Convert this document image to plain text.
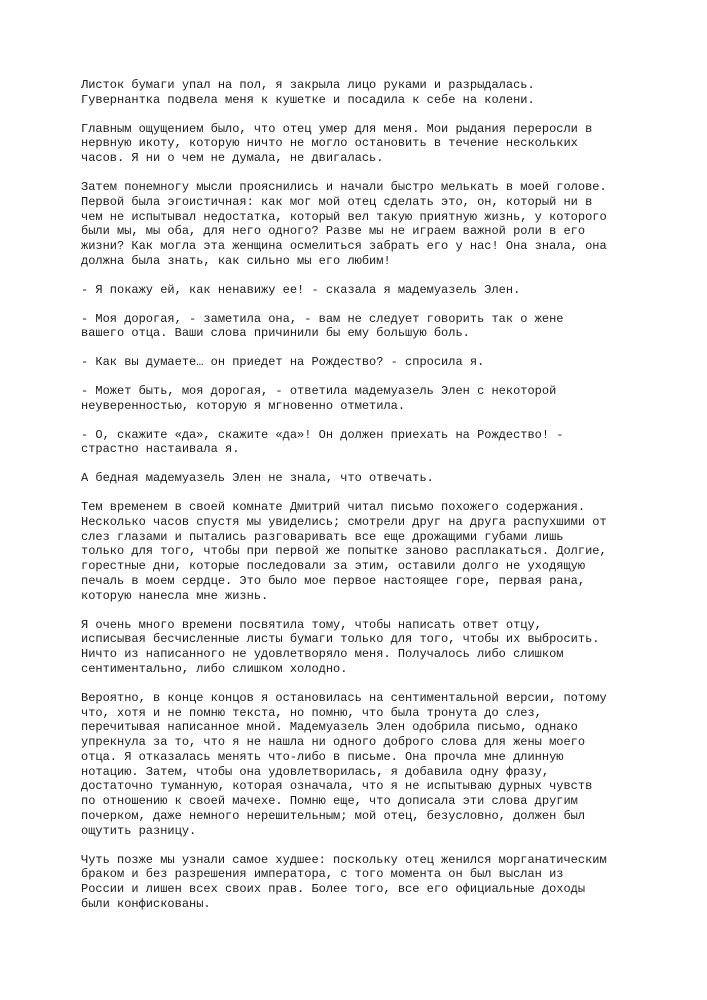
Листок бумаги упал на пол, я закрыла лицо руками и разрыдалась.
Гувернантка подвела меня к кушетке и посадила к себе на колени.

Главным ощущением было, что отец умер для меня. Мои рыдания переросли в
нервную икоту, которую ничто не могло остановить в течение нескольких
часов. Я ни о чем не думала, не двигалась.

Затем понемногу мысли прояснились и начали быстро мелькать в моей голове.
Первой была эгоистичная: как мог мой отец сделать это, он, который ни в
чем не испытывал недостатка, который вел такую приятную жизнь, у которого
были мы, мы оба, для него одного? Разве мы не играем важной роли в его
жизни? Как могла эта женщина осмелиться забрать его у нас! Она знала, она
должна была знать, как сильно мы его любим!

- Я покажу ей, как ненавижу ее! - сказала я мадемуазель Элен.

- Моя дорогая, - заметила она, - вам не следует говорить так о жене
вашего отца. Ваши слова причинили бы ему большую боль.

- Как вы думаете… он приедет на Рождество? - спросила я.

- Может быть, моя дорогая, - ответила мадемуазель Элен с некоторой
неуверенностью, которую я мгновенно отметила.

- О, скажите «да», скажите «да»! Он должен приехать на Рождество! -
страстно настаивала я.

А бедная мадемуазель Элен не знала, что отвечать.

Тем временем в своей комнате Дмитрий читал письмо похожего содержания.
Несколько часов спустя мы увиделись; смотрели друг на друга распухшими от
слез глазами и пытались разговаривать все еще дрожащими губами лишь
только для того, чтобы при первой же попытке заново расплакаться. Долгие,
горестные дни, которые последовали за этим, оставили долго не уходящую
печаль в моем сердце. Это было мое первое настоящее горе, первая рана,
которую нанесла мне жизнь.

Я очень много времени посвятила тому, чтобы написать ответ отцу,
исписывая бесчисленные листы бумаги только для того, чтобы их выбросить.
Ничто из написанного не удовлетворяло меня. Получалось либо слишком
сентиментально, либо слишком холодно.

Вероятно, в конце концов я остановилась на сентиментальной версии, потому
что, хотя и не помню текста, но помню, что была тронута до слез,
перечитывая написанное мной. Мадемуазель Элен одобрила письмо, однако
упрекнула за то, что я не нашла ни одного доброго слова для жены моего
отца. Я отказалась менять что-либо в письме. Она прочла мне длинную
нотацию. Затем, чтобы она удовлетворилась, я добавила одну фразу,
достаточно туманную, которая означала, что я не испытываю дурных чувств
по отношению к своей мачехе. Помню еще, что дописала эти слова другим
почерком, даже немного нерешительным; мой отец, безусловно, должен был
ощутить разницу.

Чуть позже мы узнали самое худшее: поскольку отец женился морганатическим
браком и без разрешения императора, с того момента он был выслан из
России и лишен всех своих прав. Более того, все его официальные доходы
были конфискованы.
